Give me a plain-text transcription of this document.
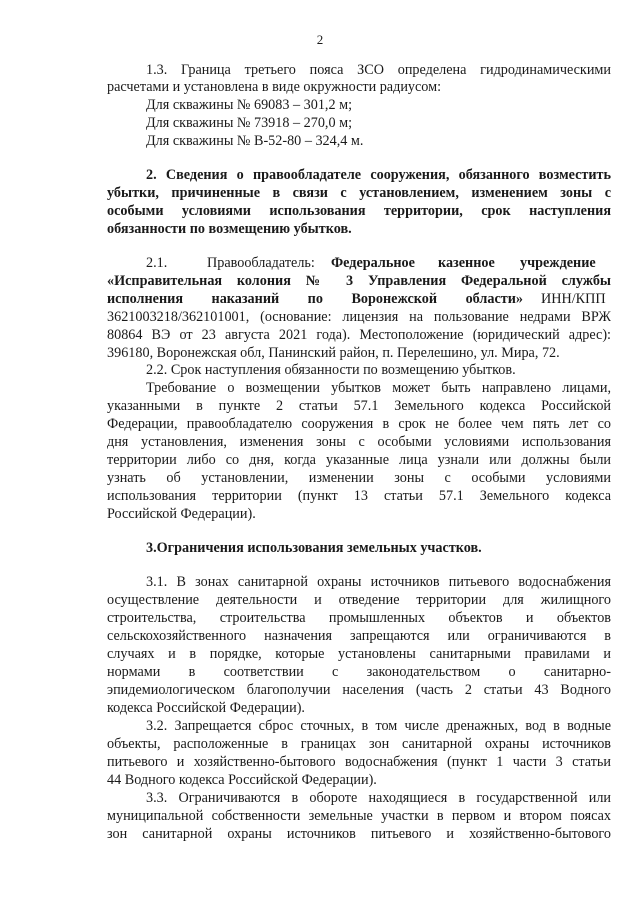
2
1.3. Граница третьего пояса ЗСО определена гидродинамическими
расчетами и установлена в виде окружности радиусом:
Для скважины № 69083 – 301,2 м;
Для скважины № 73918 – 270,0 м;
Для скважины № В-52-80 – 324,4 м.
2. Сведения о правообладателе сооружения, обязанного возместить
убытки, причиненные в связи с установлением, изменением зоны с
особыми условиями использования территории, срок наступления
обязанности по возмещению убытков.
2.1.	Правообладатель: Федеральное казенное учреждение
«Исправительная колония № 3 Управления Федеральной службы
исполнения наказаний по Воронежской области» ИНН/КПП
3621003218/362101001, (основание: лицензия на пользование недрами ВРЖ
80864 ВЭ от 23 августа 2021 года). Местоположение (юридический адрес):
396180, Воронежская обл, Панинский район, п. Перелешино, ул. Мира, 72.
2.2. Срок наступления обязанности по возмещению убытков.
Требование о возмещении убытков может быть направлено лицами,
указанными в пункте 2 статьи 57.1 Земельного кодекса Российской
Федерации, правообладателю сооружения в срок не более чем пять лет со
дня установления, изменения зоны с особыми условиями использования
территории либо со дня, когда указанные лица узнали или должны были
узнать об установлении, изменении зоны с особыми условиями
использования территории (пункт 13 статьи 57.1 Земельного кодекса
Российской Федерации).
3.Ограничения использования земельных участков.
3.1. В зонах санитарной охраны источников питьевого водоснабжения
осуществление деятельности и отведение территории для жилищного
строительства, строительства промышленных объектов и объектов
сельскохозяйственного назначения запрещаются или ограничиваются в
случаях и в порядке, которые установлены санитарными правилами и
нормами в соответствии с законодательством о санитарно-
эпидемиологическом благополучии населения (часть 2 статьи 43 Водного
кодекса Российской Федерации).
3.2. Запрещается сброс сточных, в том числе дренажных, вод в водные
объекты, расположенные в границах зон санитарной охраны источников
питьевого и хозяйственно-бытового водоснабжения (пункт 1 части 3 статьи
44 Водного кодекса Российской Федерации).
3.3. Ограничиваются в обороте находящиеся в государственной или
муниципальной собственности земельные участки в первом и втором поясах
зон санитарной охраны источников питьевого и хозяйственно-бытового
